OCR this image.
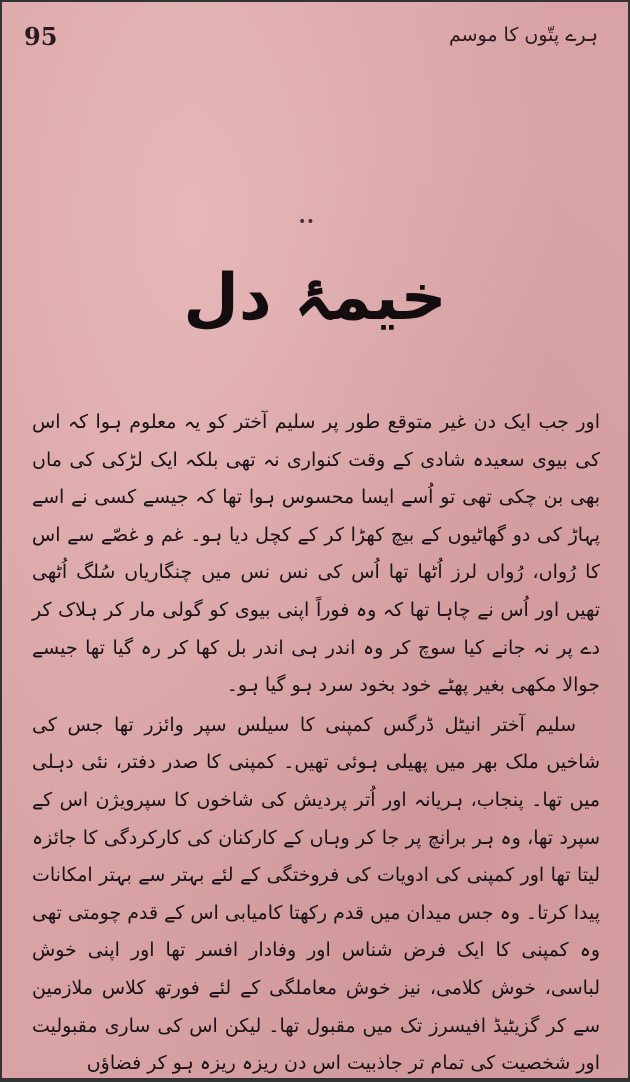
95	ہرے پتّوں کا موسم
••
خیمۂ دل

اور جب ایک دن غیر متوقع طور پر سلیم آختر کو یہ معلوم ہوا کہ اس کی بیوی سعیدہ شادی کے وقت کنواری نہ تھی بلکہ ایک لڑکی کی ماں بھی بن چکی تھی تو اُسے ایسا محسوس ہوا تھا کہ جیسے کسی نے اسے پہاڑ کی دو گھاٹیوں کے بیچ کھڑا کر کے کچل دیا ہو۔ غم و غصّے سے اس کا رُواں، رُواں لرز اُٹھا تھا اُس کی نس نس میں چنگاریاں سُلگ اُٹھی تھیں اور اُس نے چاہا تھا کہ وہ فوراً اپنی بیوی کو گولی مار کر ہلاک کر دے پر نہ جانے کیا سوچ کر وہ اندر ہی اندر بل کھا کر رہ گیا تھا جیسے جوالا مکھی بغیر پھٹے خود بخود سرد ہو گیا ہو۔

سلیم آختر انیٹل ڈرگس کمپنی کا سیلس سپر وائزر تھا جس کی شاخیں ملک بھر میں پھیلی ہوئی تھیں۔ کمپنی کا صدر دفتر، نئی دہلی میں تھا۔ پنجاب، ہریانہ اور اُتر پردیش کی شاخوں کا سپرویژن اس کے سپرد تھا، وہ ہر برانچ پر جا کر وہاں کے کارکنان کی کارکردگی کا جائزہ لیتا تھا اور کمپنی کی ادویات کی فروختگی کے لئے بہتر سے بہتر امکانات پیدا کرتا۔ وہ جس میدان میں قدم رکھتا کامیابی اس کے قدم چومتی تھی وہ کمپنی کا ایک فرض شناس اور وفادار افسر تھا اور اپنی خوش لباسی، خوش کلامی، نیز خوش معاملگی کے لئے فورتھ کلاس ملازمین سے کر گزیٹیڈ افیسرز تک میں مقبول تھا۔ لیکن اس کی ساری مقبولیت اور شخصیت کی تمام تر جاذبیت اس دن ریزہ ریزہ ہو کر فضاؤں
